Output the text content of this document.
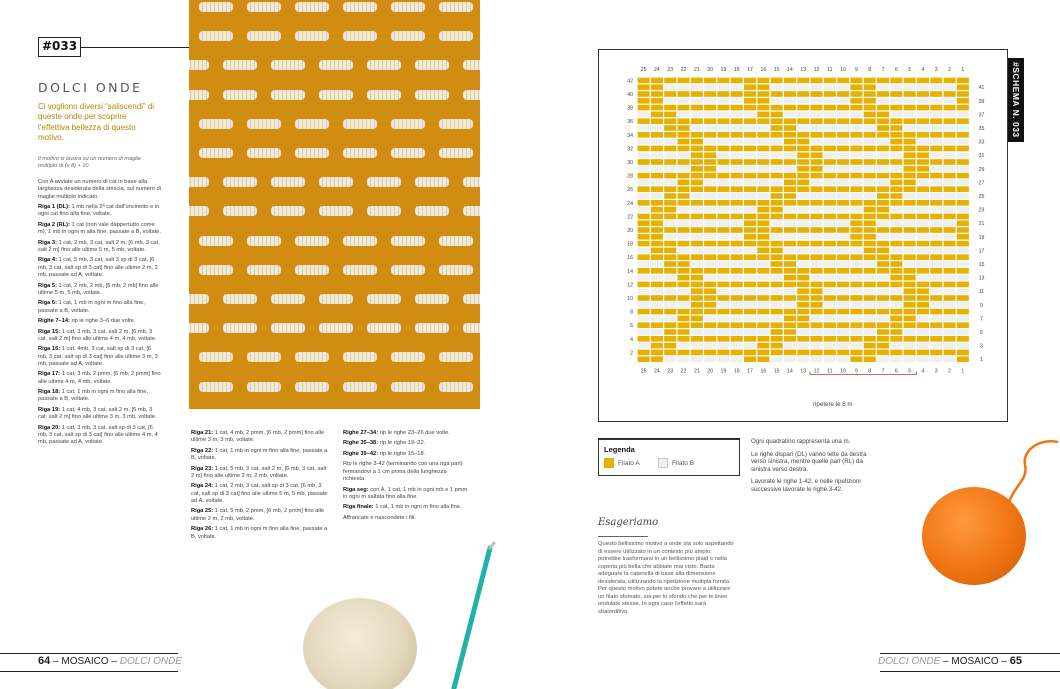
#033
DOLCI ONDE
Ci vogliono diversi “saliscendi” di queste onde per scoprire l’effettiva bellezza di questo motivo.
Il motivo si lavora su un numero di maglie multiplo di (x 8) + 10.

Con A avviate un numero di cat in base alla larghezza desiderata della striscia, sul numero di maglie multiplo indicato.

Riga 1 (DL): 1 mb nella 2ª cat dall’uncinetto e in ogni cat fino alla fine, voltate.

Riga 2 (RL): 1 cat (non vale dappertutto come m), 1 mb in ogni m alla fine, passate a B, voltate.

Riga 3: 1 cat, 2 mb, 3 cat, salt 2 m, [6 mb, 3 cat, salt 2 m] fino alle ultime 5 m, 5 mb, voltate.

Riga 4: 1 cat, 5 mb, 3 cat, salt 3 sp di 3 cat, [6 mb, 3 cat, salt sp di 3 cat] fino alle ultime 2 m, 2 mb, passate ad A, voltate.

Riga 5: 1 cat, 2 mb, 2 mb, [6 mb, 2 mb] fino alle ultime 5 m, 5 mb, voltate.

Riga 6: 1 cat, 1 mb in ogni m fino alla fine, passate a B, voltate.

Righe 7–14: rip le righe 3–6 due volte.

Riga 15: 1 cat, 3 mb, 3 cat, salt 2 m, [6 mb, 3 cat, salt 2 m] fino alle ultime 4 m, 4 mb, voltate.

Riga 16: 1 cat, 4mb, 3 cat, salt sp di 3 cat, [6 mb, 3 cat, salt sp di 3 cat] fino alle ultime 3 m, 3 mb, passate ad A, voltate.

Riga 17: 1 cat, 3 mb, 2 pmm, [6 mb, 2 pmm] fino alle ultime 4 m, 4 mb, voltate.

Riga 18: 1 cat, 1 mb in ogni m fino alla fine, passate a B, voltate.

Riga 19: 1 cat, 4 mb, 3 cat, salt 2 m, [6 mb, 3 cat, salt 2 m] fino alle ultime 3 m, 3 mb, voltate.

Riga 20: 1 cat, 3 mb, 3 cat, salt sp di 3 cat, [6 mb, 3 cat, salt sp di 3 cat] fino alle ultime 4 m, 4 mb, passate ad A, voltate.

Riga 21: 1 cat, 4 mb, 2 pmm, [6 mb, 2 pmm] fino alle ultime 3 m, 3 mb, voltate.

Riga 22: 1 cat, 1 mb in ogni m fino alla fine, passate a B, voltate.

Riga 23: 1 cat, 5 mb, 3 cat, salt 2 m, [6 mb, 3 cat, salt 2 m] fino alle ultime 2 m, 2 mb, voltate.

Riga 24: 1 cat, 2 mb, 3 cat, salt sp di 3 cat, [6 mb, 3 cat, salt sp di 3 cat] fino alle ultime 5 m, 5 mb, passate ad A, voltate.

Riga 25: 1 cat, 5 mb, 2 pmm, [6 mb, 2 pmm] fino alle ultime 2 m, 2 mb, voltate.

Riga 26: 1 cat, 1 mb in ogni m fino alla fine, passate a B, voltate.

Righe 27–34: rip le righe 23–26 due volte.

Righe 35–38: rip le righe 19–22.

Righe 39–42: rip le righe 15–18.

Rip le righe 3-42 (terminando con una riga pari) fermandovi a 1 cm prima della lunghezza richiesta.

Riga seg: con A, 1 cat, 1 mb in ogni mb e 1 pmm in ogni m saltata fino alla fine.

Riga finale: 1 cat, 1 mb in ogni m fino alla fine.

Affrancate e nascondete i fili.

25
25
24
24
23
23
22
22
21
21
20
20
19
19
18
18
17
17
16
16
15
15
14
14
13
13
12
12
11
11
10
10
9
9
8
8
7
7
6
6
5
5
4
4
3
3
2
2
1
1
42
40
38
36
34
32
30
28
26
24
22
20
18
16
14
12
10
8
6
4
2
41
39
37
35
33
31
29
27
25
23
21
19
17
15
13
11
9
7
5
3
1
#SCHEMA N. 033
ripetere le 8 m
Legenda
Filato A	Filato B

Ogni quadratino rappresenta una m.

Le righe dispari (DL) vanno lette da destra verso sinistra, mentre quelle pari (RL) da sinistra verso destra.

Lavorate le righe 1-42, e nelle ripetizioni successive lavorate le righe 3-42.

Esageriamo
Questo bellissimo motivo a onde sta solo aspettando di essere utilizzato in un contesto più ampio: potrebbe trasformarsi in un bellissimo plaid o nella coperta più bella che abbiate mai visto. Basta adeguare la catenella di base alla dimensione desiderata, utilizzando la ripetizione multipla fornita. Per questo motivo potete anche provare a utilizzare un filato sfumato, sia per lo sfondo che per le linee ondulate stesse. In ogni caso l’effetto sarà sbalorditivo.
64 – MOSAICO – DOLCI ONDE	DOLCI ONDE – MOSAICO – 65
